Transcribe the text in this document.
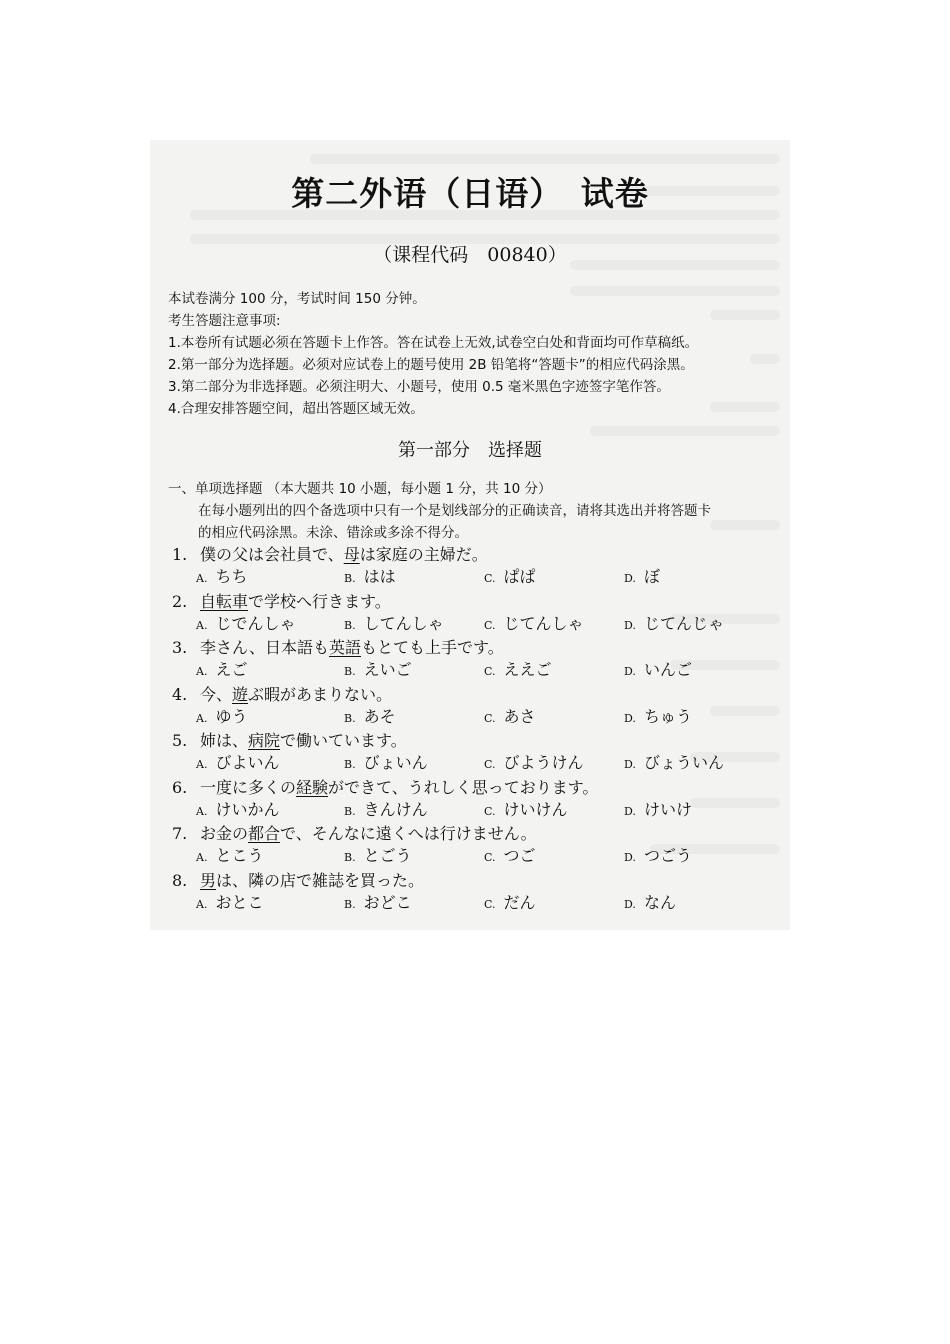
第二外语（日语）　试卷
（课程代码　00840）
本试卷满分 100 分，考试时间 150 分钟。
考生答题注意事项:
1.本卷所有试题必须在答题卡上作答。答在试卷上无效,试卷空白处和背面均可作草稿纸。
2.第一部分为选择题。必须对应试卷上的题号使用 2B 铅笔将“答题卡”的相应代码涂黑。
3.第二部分为非选择题。必须注明大、小题号，使用 0.5 毫米黑色字迹签字笔作答。
4.合理安排答题空间，超出答题区域无效。
第一部分　选择题
一、单项选择题 （本大题共 10 小题，每小题 1 分，共 10 分）
在每小题列出的四个备选项中只有一个是划线部分的正确读音，请将其选出并将答题卡
的相应代码涂黑。未涂、错涂或多涂不得分。
1. 僕の父は会社員で、母は家庭の主婦だ。
A. ちち	B. はは	C. ぱぱ	D. ぼ
2. 自転車で学校へ行きます。
A. じでんしゃ	B. してんしゃ	C. じてんしゃ	D. じてんじゃ
3. 李さん、日本語も英語もとても上手です。
A. えご	B. えいご	C. ええご	D. いんご
4. 今、遊ぶ暇があまりない。
A. ゆう	B. あそ	C. あさ	D. ちゅう
5. 姉は、病院で働いています。
A. びよいん	B. びょいん	C. びようけん	D. びょういん
6. 一度に多くの経験ができて、うれしく思っております。
A. けいかん	B. きんけん	C. けいけん	D. けいけ
7. お金の都合で、そんなに遠くへは行けません。
A. とこう	B. とごう	C. つご	D. つごう
8. 男は、隣の店で雑誌を買った。
A. おとこ	B. おどこ	C. だん	D. なん
